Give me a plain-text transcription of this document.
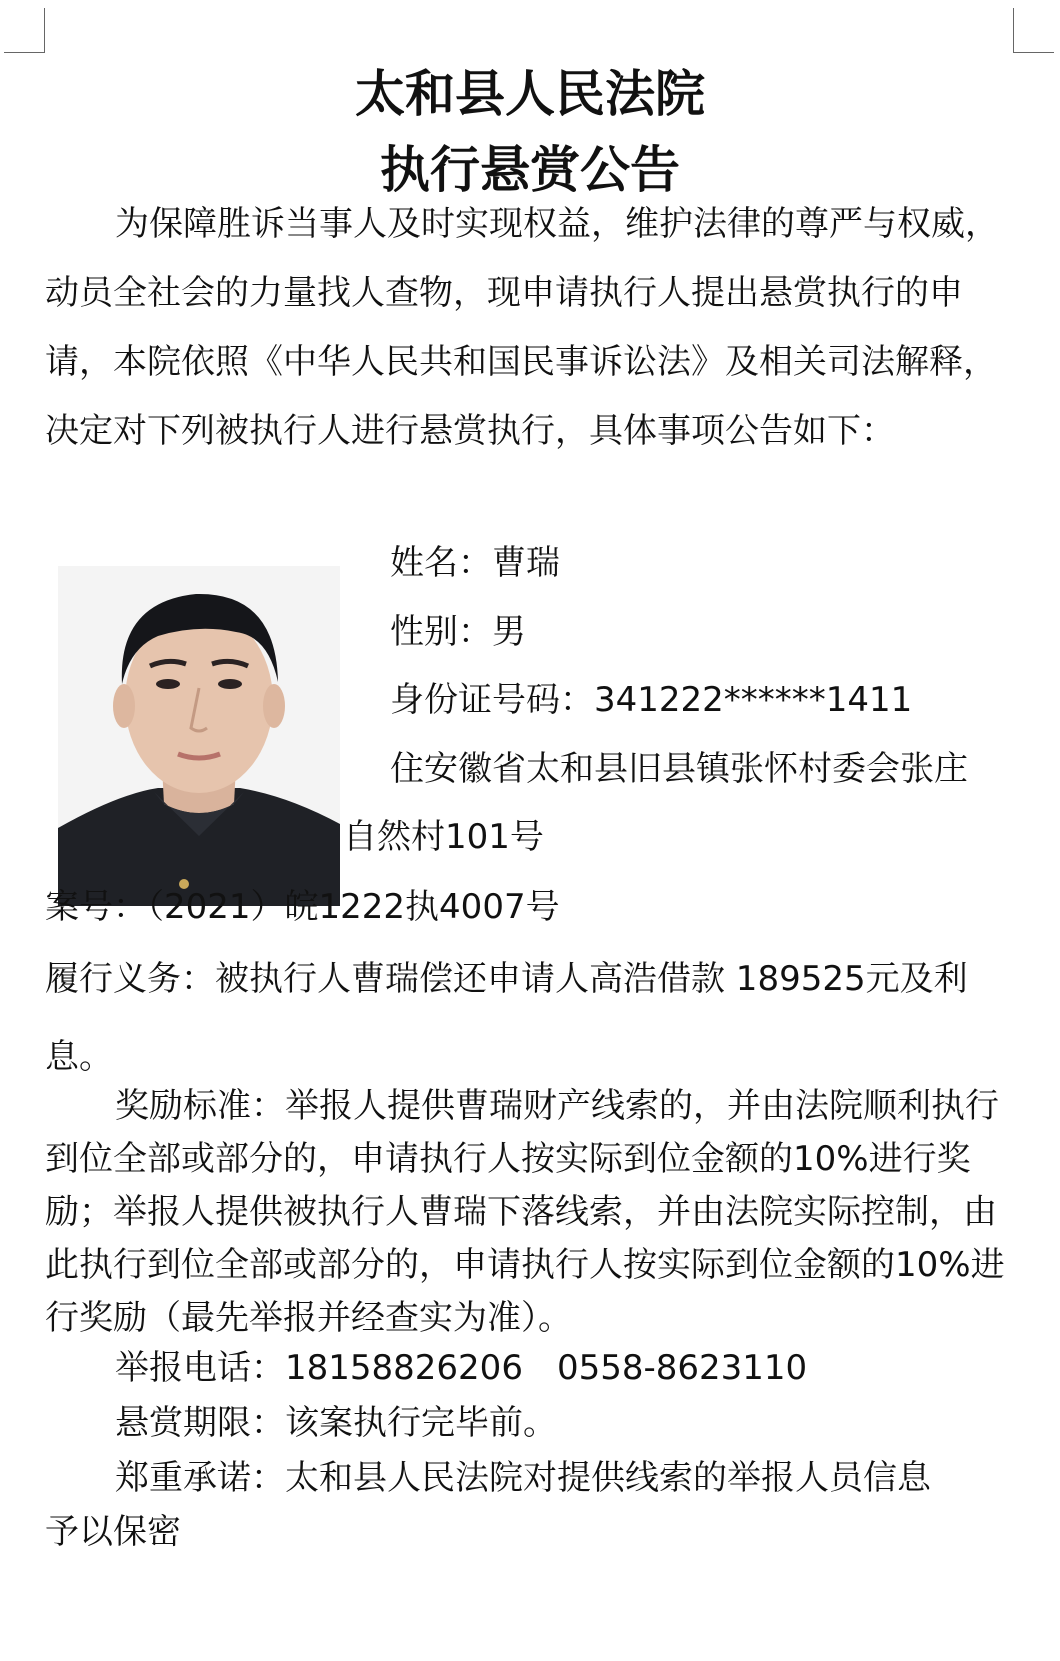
太和县人民法院
执行悬赏公告

为保障胜诉当事人及时实现权益，维护法律的尊严与权威，动员全社会的力量找人查物，现申请执行人提出悬赏执行的申请，本院依照《中华人民共和国民事诉讼法》及相关司法解释，决定对下列被执行人进行悬赏执行，具体事项公告如下：

姓名：曹瑞

性别：男

身份证号码：341222******1411

住安徽省太和县旧县镇张怀村委会张庄

自然村101号

案号：（2021）皖1222执4007号

履行义务：被执行人曹瑞偿还申请人高浩借款 189525元及利息。

奖励标准：举报人提供曹瑞财产线索的，并由法院顺利执行到位全部或部分的，申请执行人按实际到位金额的10%进行奖励；举报人提供被执行人曹瑞下落线索，并由法院实际控制，由此执行到位全部或部分的，申请执行人按实际到位金额的10%进行奖励（最先举报并经查实为准）。

举报电话：18158826206　0558-8623110

悬赏期限：该案执行完毕前。

郑重承诺：太和县人民法院对提供线索的举报人员信息

予以保密
